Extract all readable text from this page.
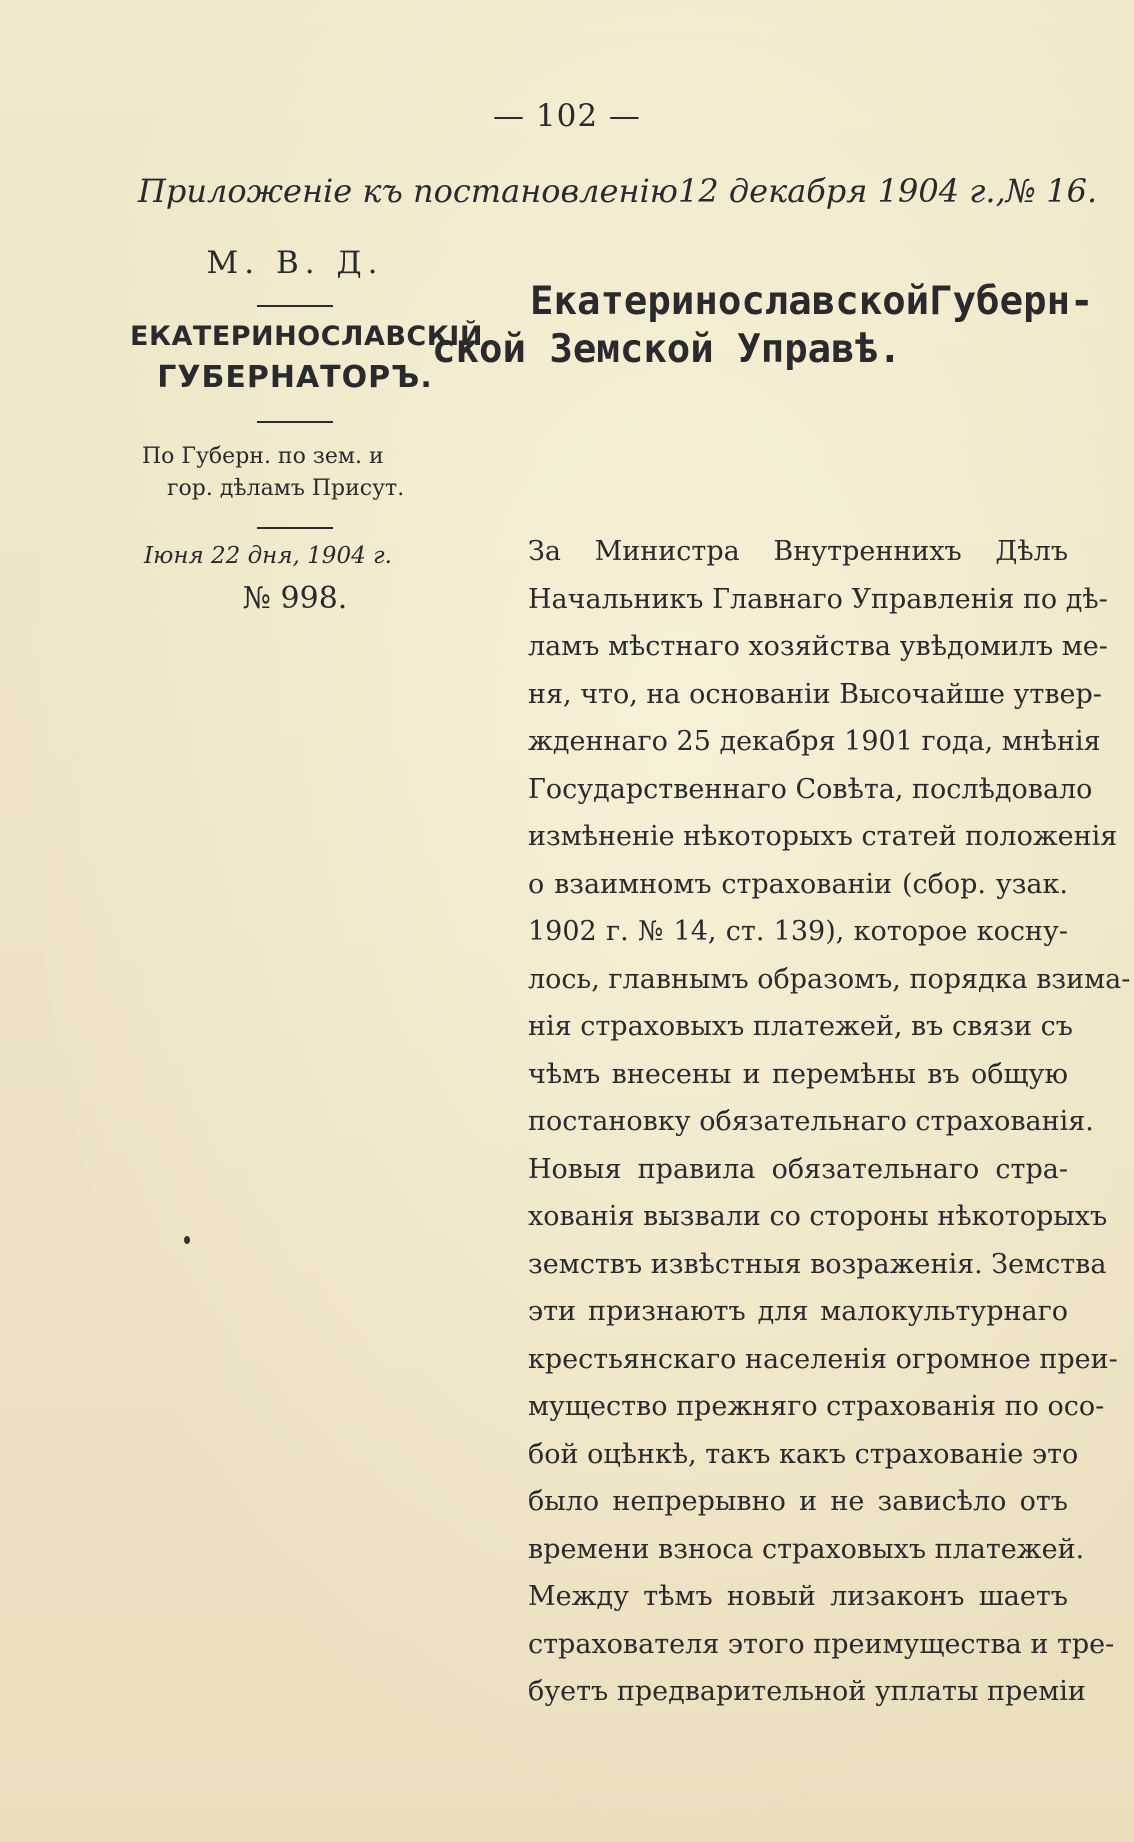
— 102 —
Приложеніе къ постановленію 12 декабря 1904 г., № 16.
М. В. Д.
ЕКАТЕРИНОСЛАВСКІЙ
ГУБЕРНАТОРЪ.
По Губерн. по зем. и
гор. дѣламъ Присут.
Іюня 22 дня, 1904 г.
№ 998.
Екатеринославской Губерн-
ской Земской Управѣ.

За Министра Внутреннихъ Дѣлъ
Начальникъ Главнаго Управленія по дѣ-
ламъ мѣстнаго хозяйства увѣдомилъ ме-
ня, что, на основаніи Высочайше утвер-
жденнаго 25 декабря 1901 года, мнѣнія
Государственнаго Совѣта, послѣдовало
измѣненіе нѣкоторыхъ статей положенія
о взаимномъ страхованіи (сбор. узак.
1902 г. № 14, ст. 139), которое косну-
лось, главнымъ образомъ, порядка взима-
нія страховыхъ платежей, въ связи съ
чѣмъ внесены и перемѣны въ общую
постановку обязательнаго страхованія.

Новыя правила обязательнаго стра-
хованія вызвали со стороны нѣкоторыхъ
земствъ извѣстныя возраженія. Земства
эти признаютъ для малокультурнаго
крестьянскаго населенія огромное преи-
мущество прежняго страхованія по осо-
бой оцѣнкѣ, такъ какъ страхованіе это
было непрерывно и не зависѣло отъ
времени взноса страховыхъ платежей.
Между тѣмъ новый лизаконъ шаетъ
страхователя этого преимущества и тре-
буетъ предварительной уплаты преміи
